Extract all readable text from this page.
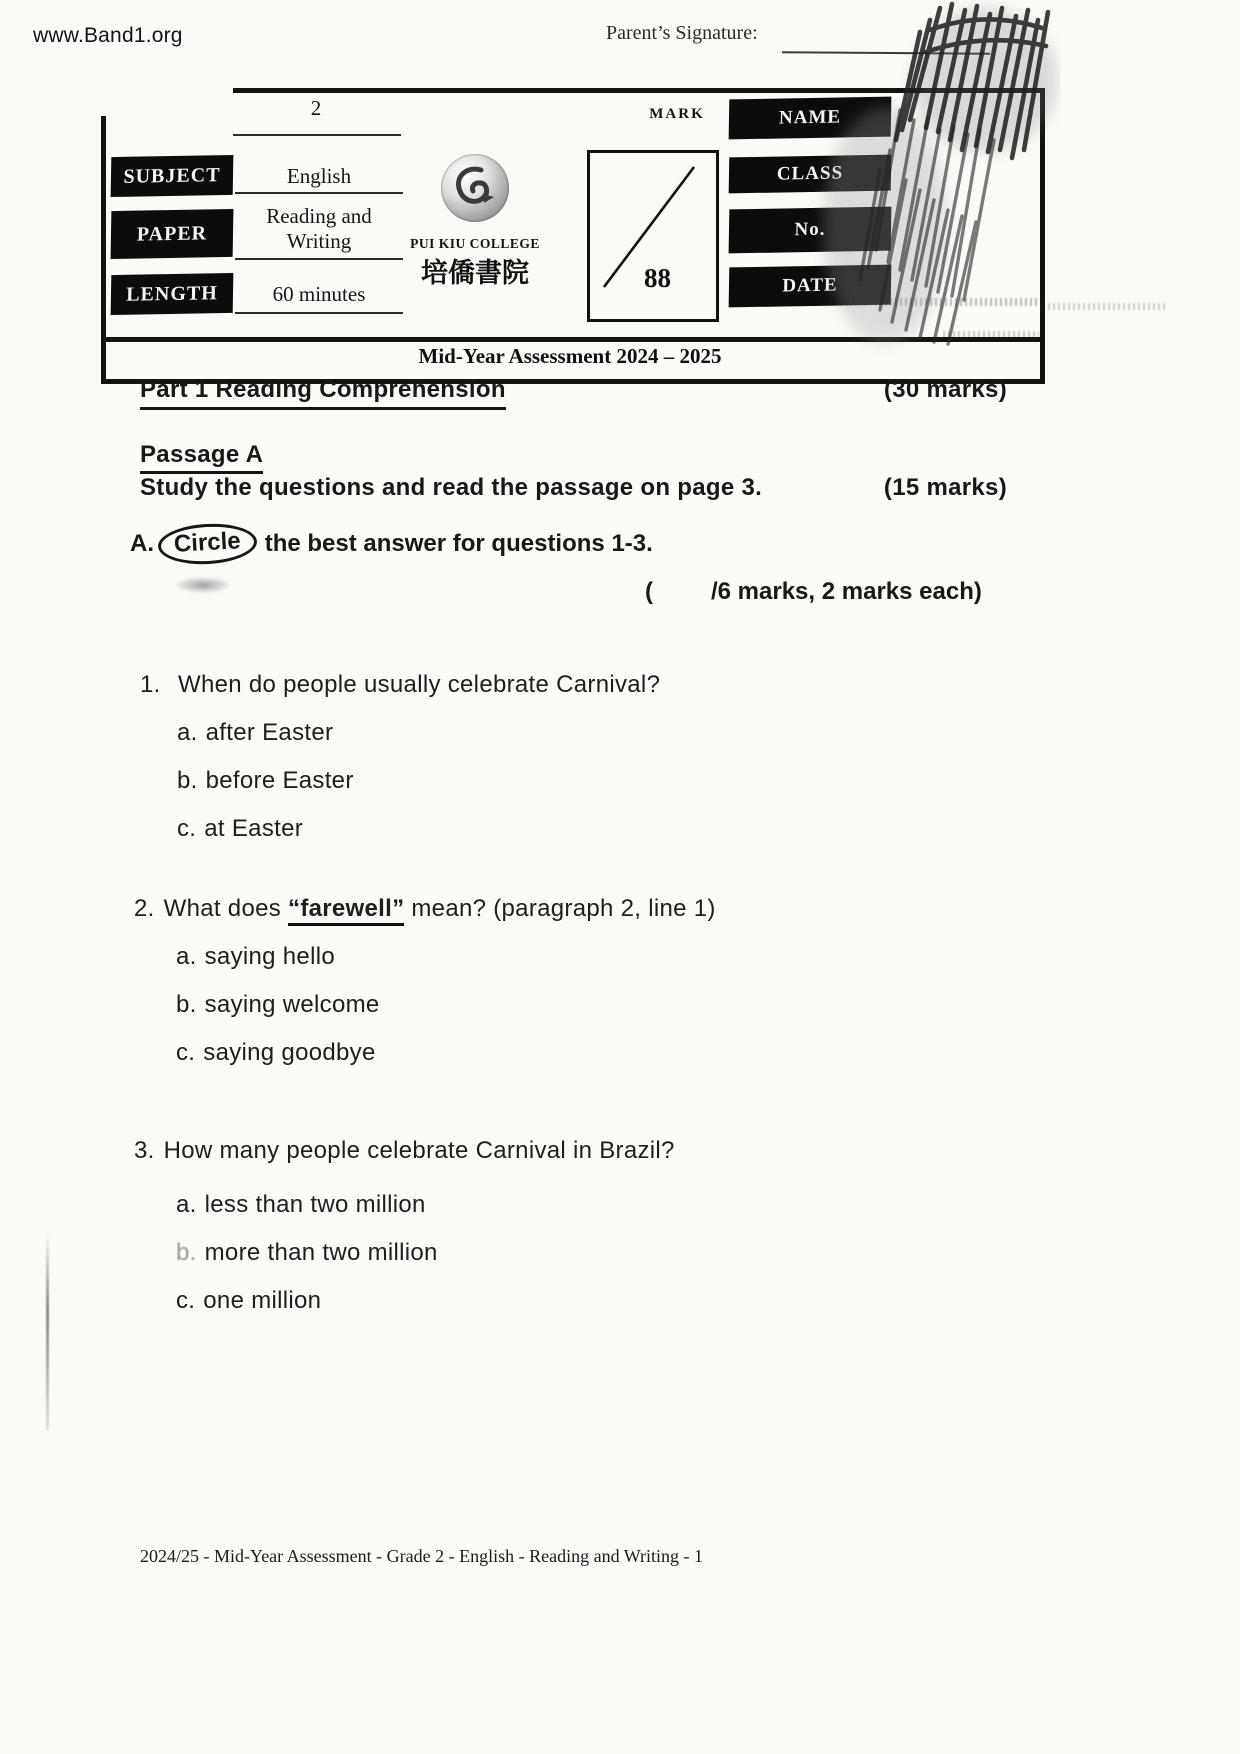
www.Band1.org	Parent’s Signature:
2
SUBJECT	English
PAPER
Reading and Writing
LENGTH	60 minutes
PUI KIU COLLEGE
培僑書院
MARK
88
NAME
CLASS
No.
DATE
Mid-Year Assessment 2024 – 2025
Part 1 Reading Comprehension	(30 marks)
Passage A
Study the questions and read the passage on page 3.	(15 marks)
A. Circle the best answer for questions 1-3.
( /6 marks, 2 marks each)
1. When do people usually celebrate Carnival?
a. after Easter
b. before Easter
c. at Easter
2. What does “farewell” mean? (paragraph 2, line 1)
a. saying hello
b. saying welcome
c. saying goodbye
3. How many people celebrate Carnival in Brazil?
a. less than two million
b. more than two million
c. one million
2024/25 - Mid-Year Assessment - Grade 2 - English - Reading and Writing - 1
